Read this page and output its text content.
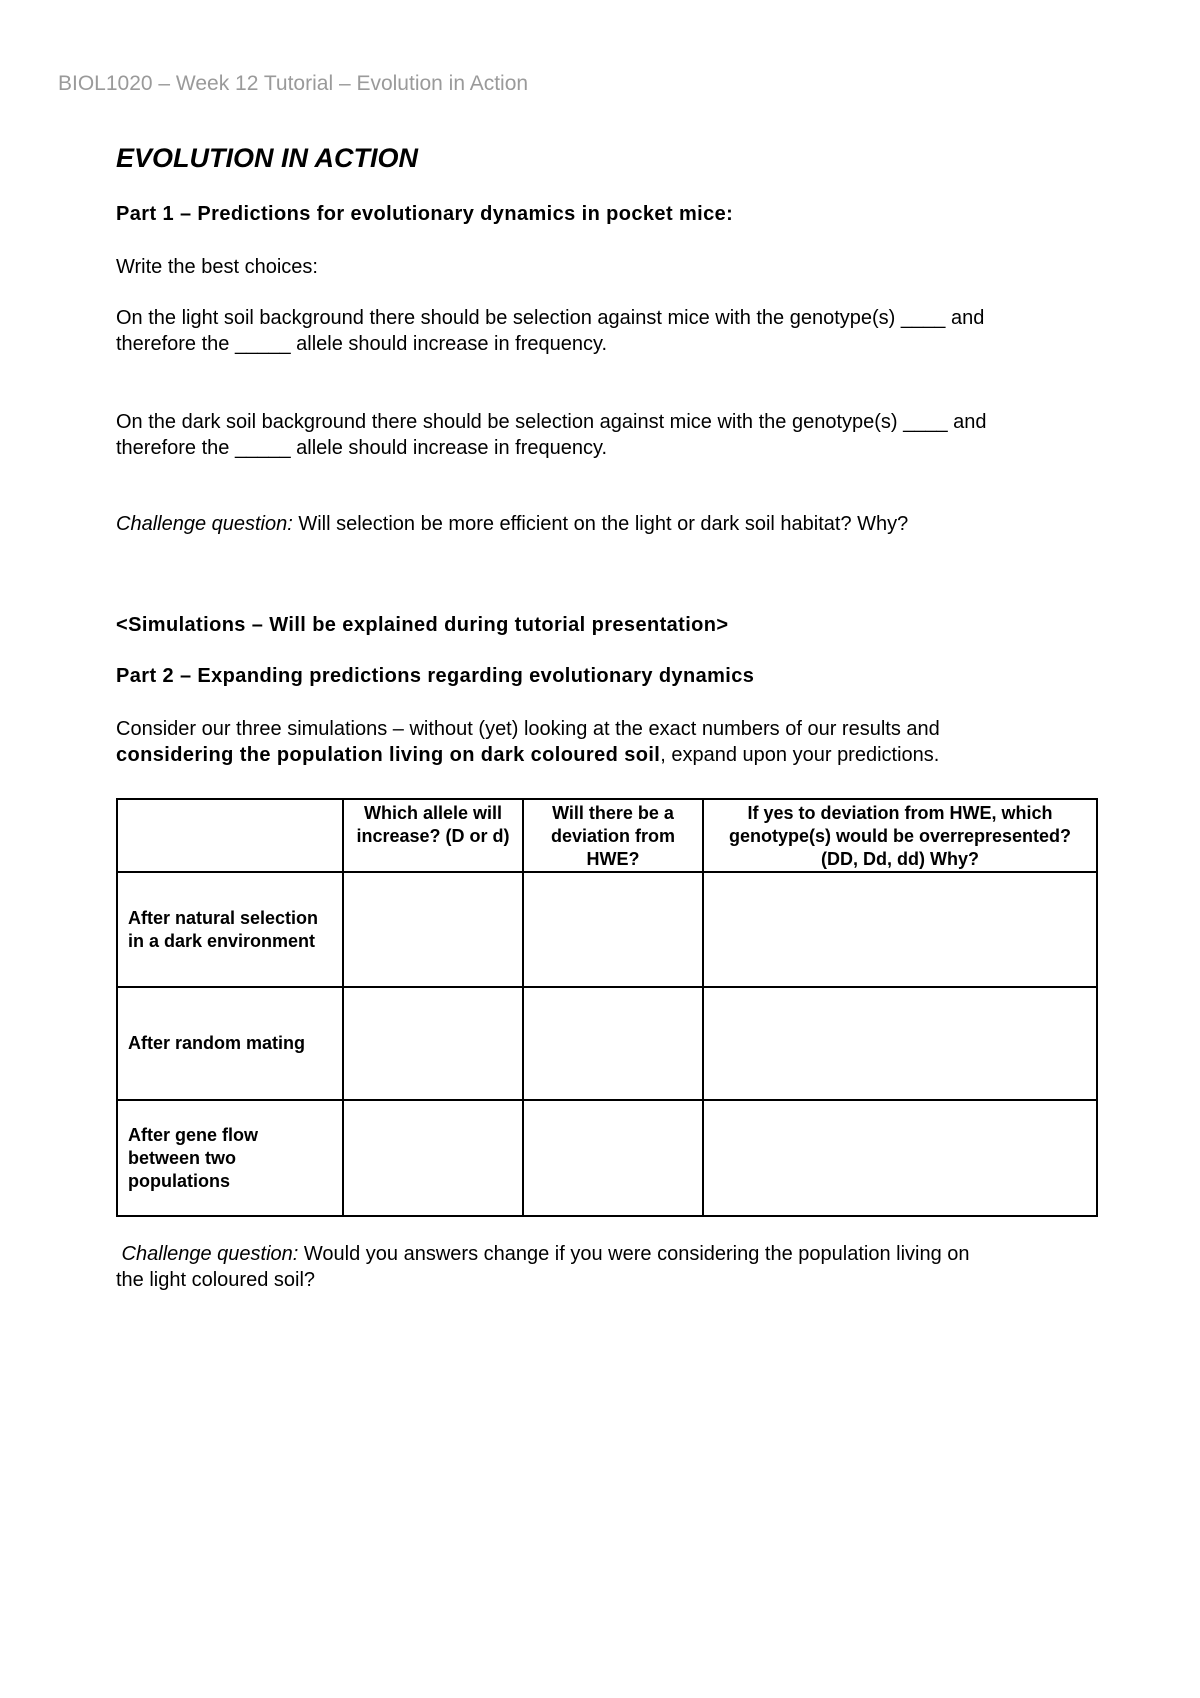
BIOL1020 – Week 12 Tutorial – Evolution in Action
EVOLUTION IN ACTION

Part 1 – Predictions for evolutionary dynamics in pocket mice:

Write the best choices:

On the light soil background there should be selection against mice with the genotype(s) ____ and
therefore the _____ allele should increase in frequency.
On the dark soil background there should be selection against mice with the genotype(s) ____ and
therefore the _____ allele should increase in frequency.

Challenge question: Will selection be more efficient on the light or dark soil habitat? Why?

<Simulations – Will be explained during tutorial presentation>

Part 2 – Expanding predictions regarding evolutionary dynamics

Consider our three simulations – without (yet) looking at the exact numbers of our results and
considering the population living on dark coloured soil, expand upon your predictions.
	Which allele will increase? (D or d)	Will there be a deviation from HWE?	If yes to deviation from HWE, which genotype(s) would be overrepresented? (DD, Dd, dd) Why?
After natural selection in a dark environment			
After random mating			
After gene flow between two populations			
Challenge question: Would you answers change if you were considering the population living on
the light coloured soil?
